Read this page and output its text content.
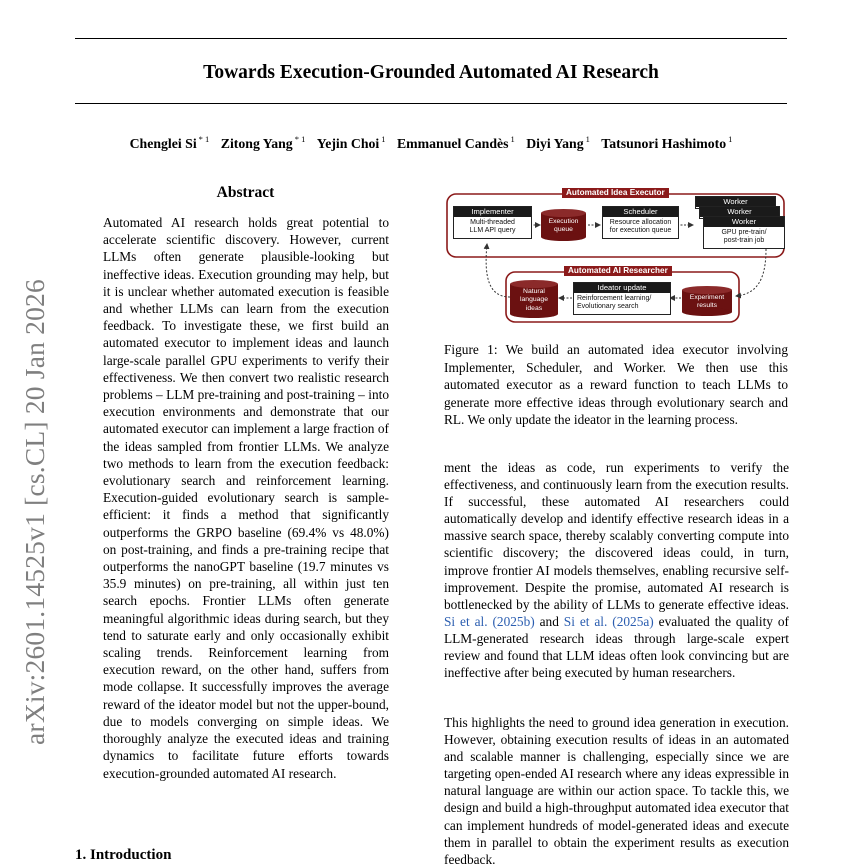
Towards Execution-Grounded Automated AI Research
Chenglei Si $^{* 1}$ Zitong Yang $^{* 1}$ Yejin Choi $^1$ Emmanuel Candès $^1$ Diyi Yang $^1$ Tatsunori Hashimoto $^1$
arXiv:2601.14525v1 [cs.CL] 20 Jan 2026
Abstract

Automated AI research holds great potential to accelerate scientific discovery. However, current LLMs often generate plausible-looking but ineffective ideas. Execution grounding may help, but it is unclear whether automated execution is feasible and whether LLMs can learn from the execution feedback. To investigate these, we first build an automated executor to implement ideas and launch large-scale parallel GPU experiments to verify their effectiveness. We then convert two realistic research problems – LLM pre-training and post-training – into execution environments and demonstrate that our automated executor can implement a large fraction of the ideas sampled from frontier LLMs. We analyze two methods to learn from the execution feedback: evolutionary search and reinforcement learning. Execution-guided evolutionary search is sample-efficient: it finds a method that significantly outperforms the GRPO baseline (69.4% vs 48.0%) on post-training, and finds a pre-training recipe that outperforms the nanoGPT baseline (19.7 minutes vs 35.9 minutes) on pre-training, all within just ten search epochs. Frontier LLMs often generate meaningful algorithmic ideas during search, but they tend to saturate early and only occasionally exhibit scaling trends. Reinforcement learning from execution reward, on the other hand, suffers from mode collapse. It successfully improves the average reward of the ideator model but not the upper-bound, due to models converging on simple ideas. We thoroughly analyze the executed ideas and training dynamics to facilitate future efforts towards execution-grounded automated AI research.

1. Introduction
Automated Idea Executor
Automated AI Researcher
Implementer
Multi-threaded
LLM API query
Execution
queue
Scheduler
Resource allocation
for execution queue
Worker
Worker
Worker
GPU pre-train/
post-train job
Natural
language
ideas
Ideator update
Reinforcement learning/
Evolutionary search
Experiment
results

Figure 1: We build an automated idea executor involving Implementer, Scheduler, and Worker. We then use this automated executor as a reward function to teach LLMs to generate more effective ideas through evolutionary search and RL. We only update the ideator in the learning process.

ment the ideas as code, run experiments to verify the effectiveness, and continuously learn from the execution results. If successful, these automated AI researchers could automatically develop and identify effective research ideas in a massive search space, thereby scalably converting compute into scientific discovery; the discovered ideas could, in turn, improve frontier AI models themselves, enabling recursive self-improvement. Despite the promise, automated AI research is bottlenecked by the ability of LLMs to generate effective ideas. Si et al. (2025b) and Si et al. (2025a) evaluated the quality of LLM-generated research ideas through large-scale expert review and found that LLM ideas often look convincing but are ineffective after being executed by human researchers.

This highlights the need to ground idea generation in execution. However, obtaining execution results of ideas in an automated and scalable manner is challenging, especially since we are targeting open-ended AI research where any ideas expressible in natural language are within our action space. To tackle this, we design and build a high-throughput automated idea executor that can implement hundreds of model-generated ideas and execute them in parallel to obtain the experiment results as execution feedback.
